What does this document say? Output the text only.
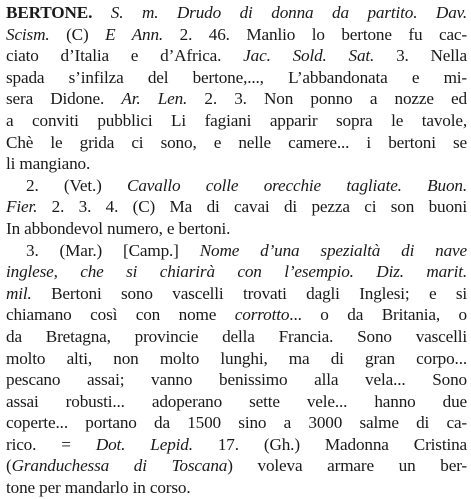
BERTONE. S. m. Drudo di donna da partito. Dav.
Scism. (C) E Ann. 2. 46. Manlio lo bertone fu cac-
ciato d’Italia e d’Africa. Jac. Sold. Sat. 3. Nella
spada s’infilza del bertone,..., L’abbandonata e mi-
sera Didone. Ar. Len. 2. 3. Non ponno a nozze ed
a conviti pubblici Li fagiani apparir sopra le tavole,
Chè le grida ci sono, e nelle camere... i bertoni se
li mangiano.
2. (Vet.) Cavallo colle orecchie tagliate. Buon.
Fier. 2. 3. 4. (C) Ma di cavai di pezza ci son buoni
In abbondevol numero, e bertoni.
3. (Mar.) [Camp.] Nome d’una spezialtà di nave
inglese, che si chiarirà con l’esempio. Diz. marit.
mil. Bertoni sono vascelli trovati dagli Inglesi; e si
chiamano così con nome corrotto... o da Britania, o
da Bretagna, provincie della Francia. Sono vascelli
molto alti, non molto lunghi, ma di gran corpo...
pescano assai; vanno benissimo alla vela... Sono
assai robusti... adoperano sette vele... hanno due
coperte... portano da 1500 sino a 3000 salme di ca-
rico. = Dot. Lepid. 17. (Gh.) Madonna Cristina
(Granduchessa di Toscana) voleva armare un ber-
tone per mandarlo in corso.
